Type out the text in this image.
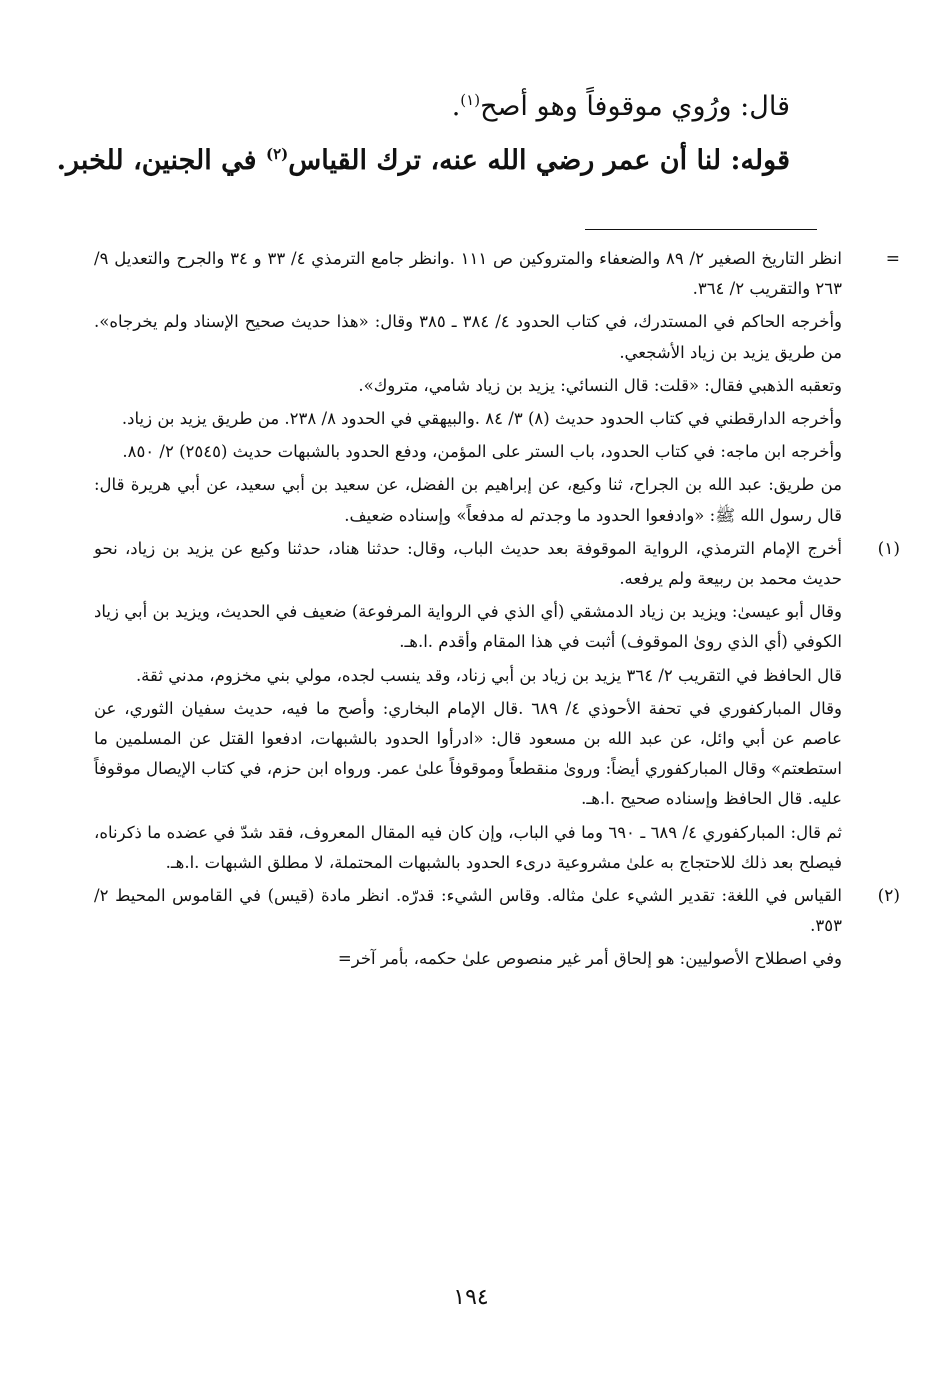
قال: ورُوي موقوفاً وهو أصح$^{(١)}$.
قوله: لنا أن عمر رضي الله عنه، ترك القياس$^{(٢)}$ في الجنين، للخبر.
=

انظر التاريخ الصغير ٢/ ٨٩ والضعفاء والمتروكين ص ١١١ .وانظر جامع الترمذي ٤/ ٣٣ و ٣٤ والجرح والتعديل ٩/ ٢٦٣ والتقريب ٢/ ٣٦٤.

وأخرجه الحاكم في المستدرك، في كتاب الحدود ٤/ ٣٨٤ ـ ٣٨٥ وقال: «هذا حديث صحيح الإسناد ولم يخرجاه». من طريق يزيد بن زياد الأشجعي.

وتعقبه الذهبي فقال: «قلت: قال النسائي: يزيد بن زياد شامي، متروك».

وأخرجه الدارقطني في كتاب الحدود حديث (٨) ٣/ ٨٤ .والبيهقي في الحدود ٨/ ٢٣٨. من طريق يزيد بن زياد.

وأخرجه ابن ماجه: في كتاب الحدود، باب الستر على المؤمن، ودفع الحدود بالشبهات حديث (٢٥٤٥) ٢/ ٨٥٠.

من طريق: عبد الله بن الجراح، ثنا وكيع، عن إبراهيم بن الفضل، عن سعيد بن أبي سعيد، عن أبي هريرة قال: قال رسول الله ﷺ: «وادفعوا الحدود ما وجدتم له مدفعاً» وإسناده ضعيف.

(١)

أخرج الإمام الترمذي، الرواية الموقوفة بعد حديث الباب، وقال: حدثنا هناد، حدثنا وكيع عن يزيد بن زياد، نحو حديث محمد بن ربيعة ولم يرفعه.

وقال أبو عيسىٰ: ويزيد بن زياد الدمشقي (أي الذي في الرواية المرفوعة) ضعيف في الحديث، ويزيد بن أبي زياد الكوفي (أي الذي روىٰ الموقوف) أثبت في هذا المقام وأقدم .ا.هـ.

قال الحافظ في التقريب ٢/ ٣٦٤ يزيد بن زياد بن أبي زناد، وقد ينسب لجده، مولي بني مخزوم، مدني ثقة.

وقال المباركفوري في تحفة الأحوذي ٤/ ٦٨٩ .قال الإمام البخاري: وأصح ما فيه، حديث سفيان الثوري، عن عاصم عن أبي وائل، عن عبد الله بن مسعود قال: «ادرأوا الحدود بالشبهات، ادفعوا القتل عن المسلمين ما استطعتم» وقال المباركفوري أيضاً: وروىٰ منقطعاً وموقوفاً علىٰ عمر. ورواه ابن حزم، في كتاب الإيصال موقوفاً عليه. قال الحافظ وإسناده صحيح .ا.هـ.

ثم قال: المباركفوري ٤/ ٦٨٩ ـ ٦٩٠ وما في الباب، وإن كان فيه المقال المعروف، فقد شدّ في عضده ما ذكرناه، فيصلح بعد ذلك للاحتجاج به علىٰ مشروعية درىء الحدود بالشبهات المحتملة، لا مطلق الشبهات .ا.هـ.

(٢)

القياس في اللغة: تقدير الشيء علىٰ مثاله. وقاس الشيء: قدرّه. انظر مادة (قيس) في القاموس المحيط ٢/ ٣٥٣.

وفي اصطلاح الأصوليين: هو إلحاق أمر غير منصوص علىٰ حكمه، بأمر آخر=

١٩٤
